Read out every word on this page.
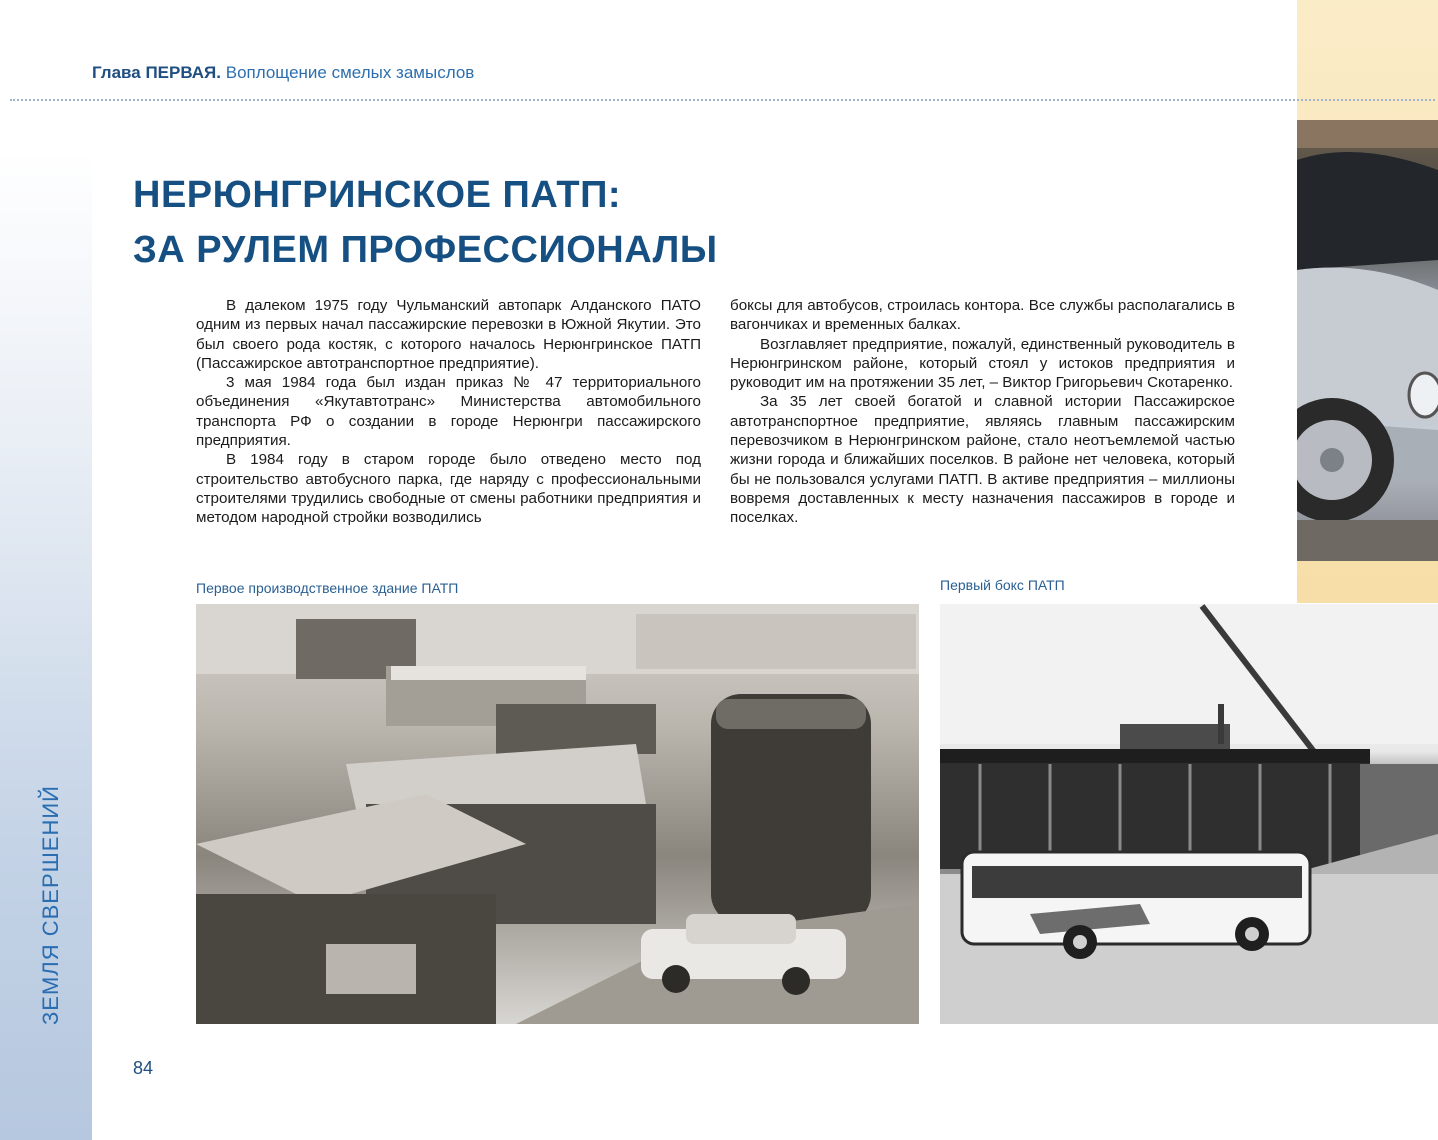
Глава ПЕРВАЯ. Воплощение смелых замыслов
НЕРЮНГРИНСКОЕ ПАТП:
ЗА РУЛЕМ ПРОФЕССИОНАЛЫ

В далеком 1975 году Чульманский автопарк Алданского ПАТО одним из первых начал пассажирские перевозки в Южной Якутии. Это был своего рода костяк, с которого началось Нерюнгринское ПАТП (Пассажирское автотранспортное предприятие).

3 мая 1984 года был издан приказ № 47 территориального объединения «Якутавтотранс» Министерства автомобильного транспорта РФ о создании в городе Нерюнгри пассажирского предприятия.

В 1984 году в старом городе было отведено место под строительство автобусного парка, где наряду с профессиональными строителями трудились свободные от смены работники предприятия и методом народной стройки возводились

боксы для автобусов, строилась контора. Все службы располагались в вагончиках и временных балках.

Возглавляет предприятие, пожалуй, единственный руководитель в Нерюнгринском районе, который стоял у истоков предприятия и руководит им на протяжении 35 лет, – Виктор Григорьевич Скотаренко.

За 35 лет своей богатой и славной истории Пассажирское автотранспортное предприятие, являясь главным пассажирским перевозчиком в Нерюнгринском районе, стало неотъемлемой частью жизни города и ближайших поселков. В районе нет человека, который бы не пользовался услугами ПАТП. В активе предприятия – миллионы вовремя доставленных к месту назначения пассажиров в городе и поселках.

Первое производственное здание ПАТП	Первый бокс ПАТП
ЗЕМЛЯ СВЕРШЕНИЙ
84
